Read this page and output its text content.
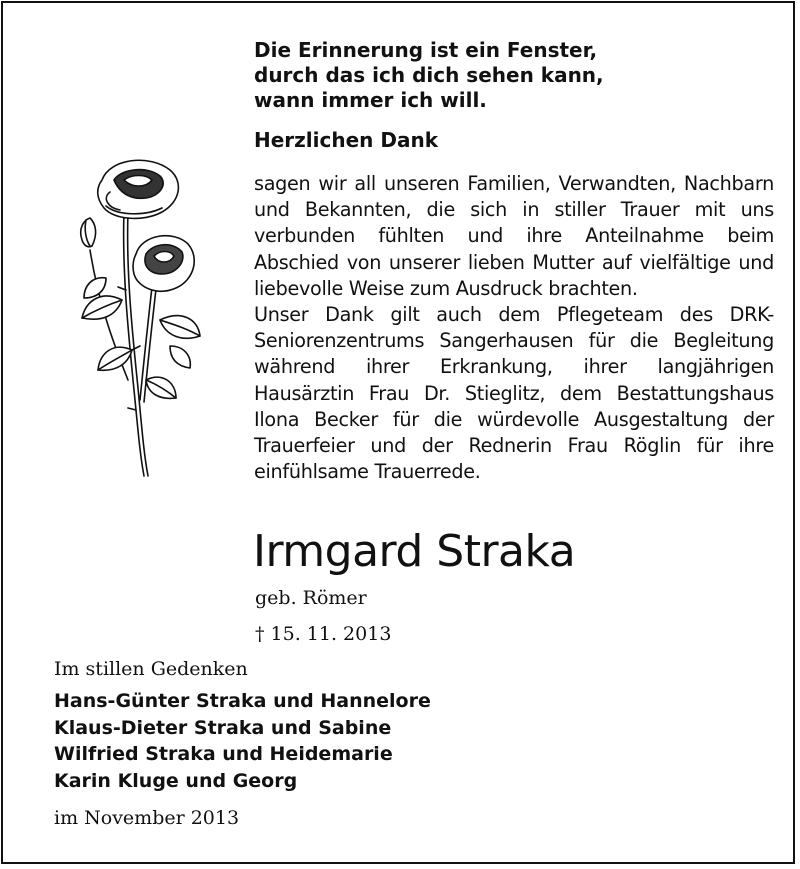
Die Erinnerung ist ein Fenster,
durch das ich dich sehen kann,
wann immer ich will.
Herzlichen Dank

sagen wir all unseren Familien, Verwandten, Nachbarn und Bekannten, die sich in stiller Trauer mit uns verbunden fühlten und ihre Anteilnahme beim Abschied von unserer lieben Mutter auf vielfältige und liebevolle Weise zum Ausdruck brachten.

Unser Dank gilt auch dem Pflegeteam des DRK-Seniorenzentrums Sangerhausen für die Begleitung während ihrer Erkrankung, ihrer langjährigen Hausärztin Frau Dr. Stieglitz, dem Bestattungshaus Ilona Becker für die würdevolle Ausgestaltung der Trauerfeier und der Rednerin Frau Röglin für ihre einfühlsame Trauerrede.

Irmgard Straka
geb. Römer
† 15. 11. 2013
Im stillen Gedenken
Hans-Günter Straka und Hannelore
Klaus-Dieter Straka und Sabine
Wilfried Straka und Heidemarie
Karin Kluge und Georg
im November 2013
